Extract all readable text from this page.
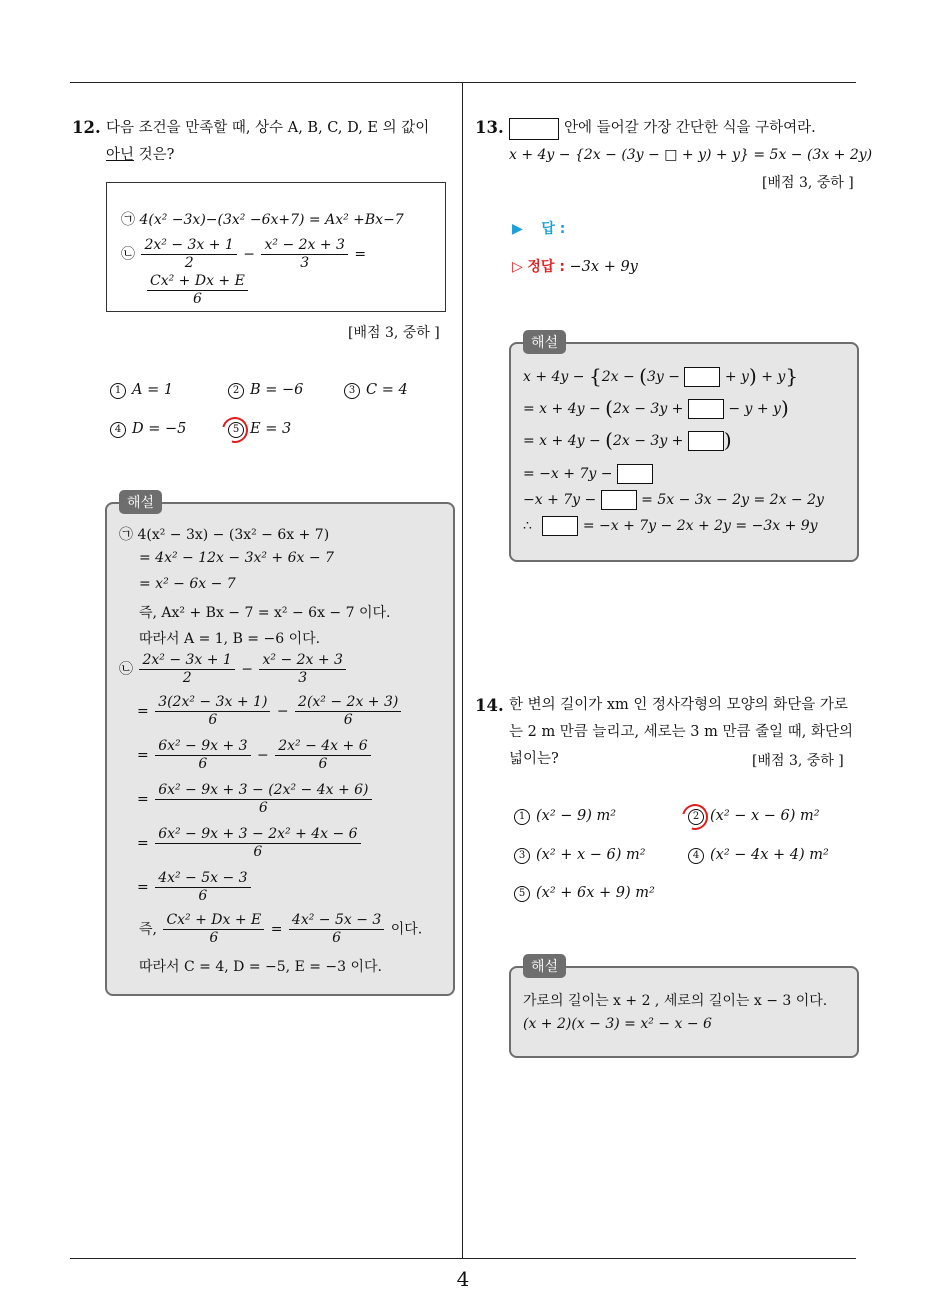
4
12. 다음 조건을 만족할 때, 상수 A, B, C, D, E 의 값이
아닌 것은?
㉠ 4(x² −3x)−(3x² −6x+7) = Ax² +Bx−7
㉡ $\frac{\text{2x² − 3x + 1}}{2} - \frac{\text{x² − 2x + 3}}{3}$ =
$\frac{\text{Cx² + Dx + E}}{6}$
[배점 3, 중하 ]
1 A = 1	2 B = −6	3 C = 4
4 D = −5	5 E = 3
㉠ 4(x² − 3x) − (3x² − 6x + 7)
= 4x² − 12x − 3x² + 6x − 7
= x² − 6x − 7
즉, Ax² + Bx − 7 = x² − 6x − 7 이다.
따라서 A = 1, B = −6 이다.
㉡ $\frac{\text{2x² − 3x + 1}}{2} - \frac{\text{x² − 2x + 3}}{3}$
= $\frac{\text{3(2x² − 3x + 1)}}{6} - \frac{\text{2(x² − 2x + 3)}}{6}$
= $\frac{\text{6x² − 9x + 3}}{6} - \frac{\text{2x² − 4x + 6}}{6}$
= $\frac{\text{6x² − 9x + 3 − (2x² − 4x + 6)}}{6}$
= $\frac{\text{6x² − 9x + 3 − 2x² + 4x − 6}}{6}$
= $\frac{\text{4x² − 5x − 3}}{6}$
즉, $\frac{\text{Cx² + Dx + E}}{6} = \frac{\text{4x² − 5x − 3}}{6}$ 이다.
따라서 C = 4, D = −5, E = −3 이다.
해설
13.	안에 들어갈 가장 간단한 식을 구하여라.
x + 4y − {2x − (3y − □ + y) + y} = 5x − (3x + 2y)
[배점 3, 중하 ]
▶ 답 :
▷ 정답 : −3x + 9y
x + 4y − {2x − (3y −	+ y) + y}
= x + 4y − (2x − 3y +	− y + y)
= x + 4y − (2x − 3y + )
= −x + 7y −
−x + 7y −	= 5x − 3x − 2y = 2x − 2y
∴	= −x + 7y − 2x + 2y = −3x + 9y
해설
14. 한 변의 길이가 xm 인 정사각형의 모양의 화단을 가로
는 2 m 만큼 늘리고, 세로는 3 m 만큼 줄일 때, 화단의
넓이는?	[배점 3, 중하 ]
1 (x² − 9) m²	2 (x² − x − 6) m²
3 (x² + x − 6) m²	4 (x² − 4x + 4) m²
5 (x² + 6x + 9) m²
가로의 길이는 x + 2 , 세로의 길이는 x − 3 이다.
(x + 2)(x − 3) = x² − x − 6
해설
